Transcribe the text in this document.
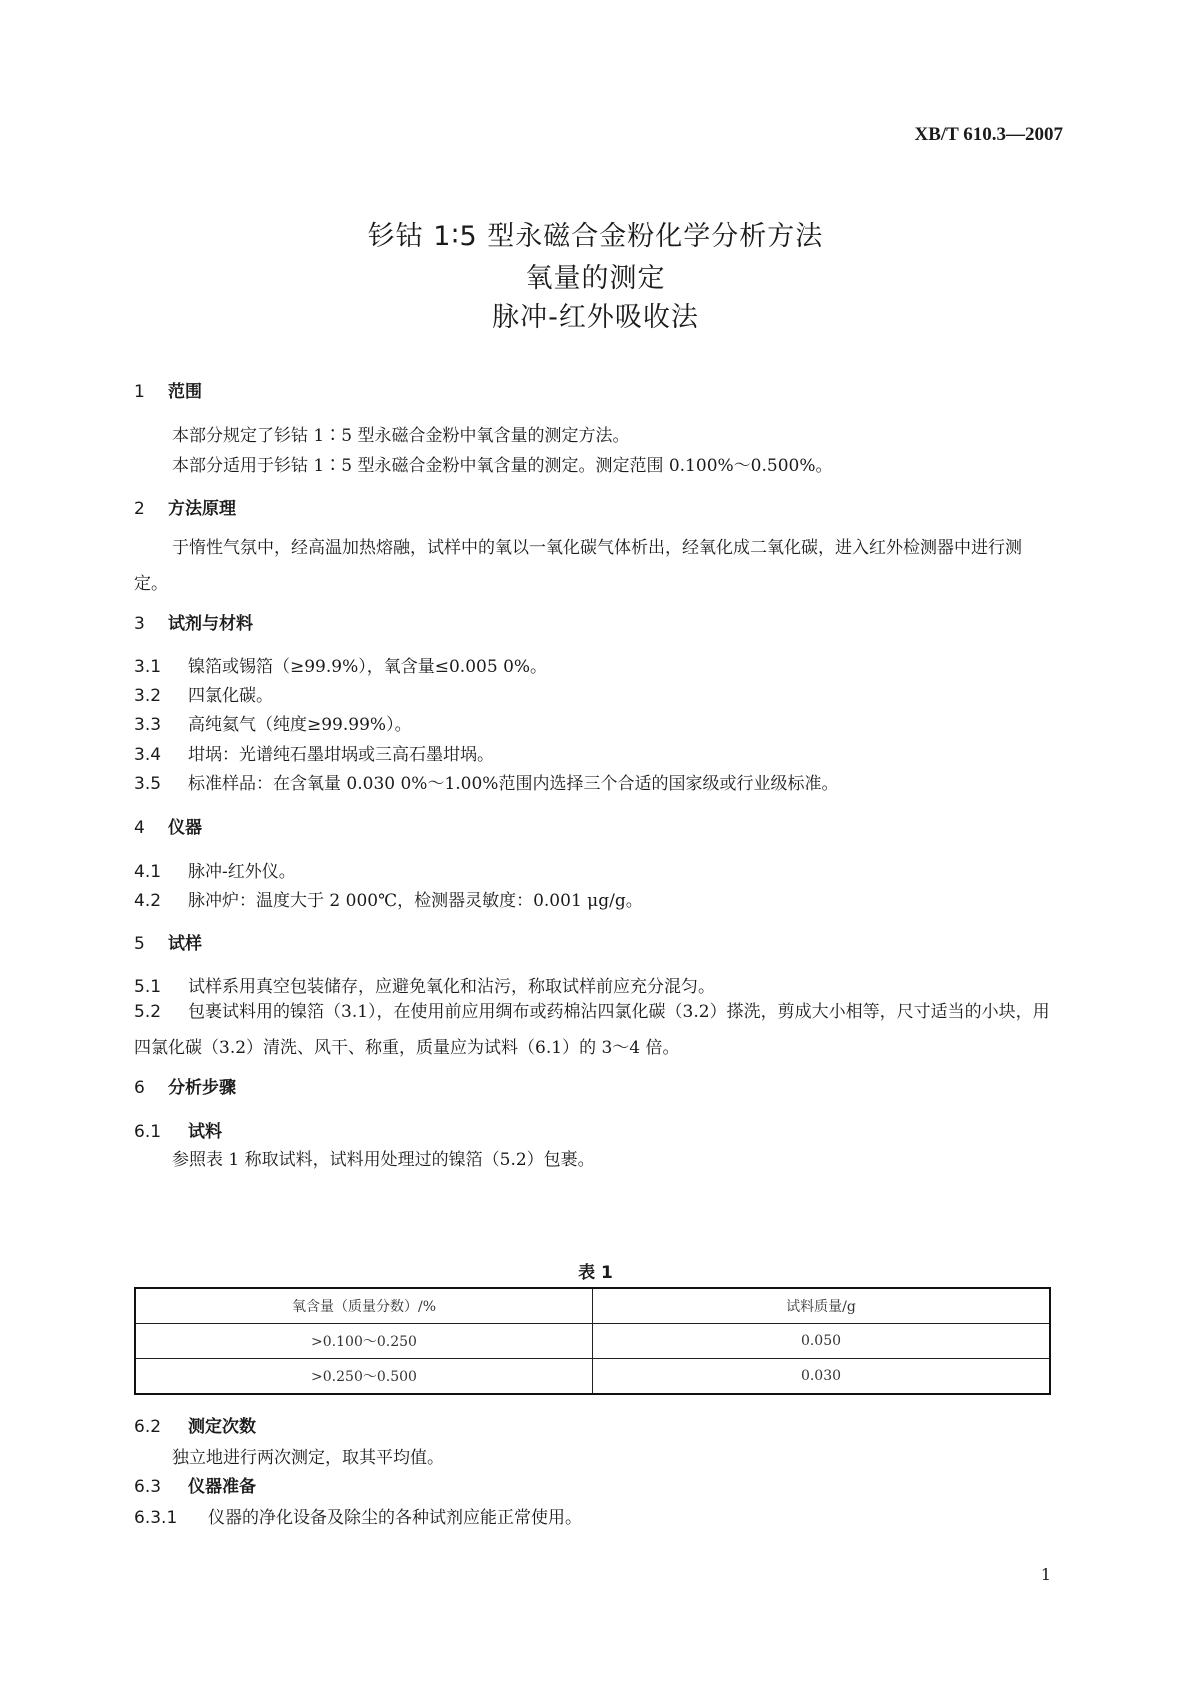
XB/T 610.3—2007
钐钴 1∶5 型永磁合金粉化学分析方法
氧量的测定
脉冲-红外吸收法
1 范围
本部分规定了钐钴 1∶5 型永磁合金粉中氧含量的测定方法。
本部分适用于钐钴 1∶5 型永磁合金粉中氧含量的测定。测定范围 0.100%～0.500%。
2 方法原理
于惰性气氛中，经高温加热熔融，试样中的氧以一氧化碳气体析出，经氧化成二氧化碳，进入红外检测器中进行测定。
3 试剂与材料
3.1 镍箔或锡箔（≥99.9%），氧含量≤0.005 0%。
3.2 四氯化碳。
3.3 高纯氦气（纯度≥99.99%）。
3.4 坩埚：光谱纯石墨坩埚或三高石墨坩埚。
3.5 标准样品：在含氧量 0.030 0%～1.00%范围内选择三个合适的国家级或行业级标准。
4 仪器
4.1 脉冲-红外仪。
4.2 脉冲炉：温度大于 2 000℃，检测器灵敏度：0.001 μg/g。
5 试样
5.1 试样系用真空包装储存，应避免氧化和沾污，称取试样前应充分混匀。
5.2 包裹试料用的镍箔（3.1），在使用前应用绸布或药棉沾四氯化碳（3.2）搽洗，剪成大小相等，尺寸适当的小块，用四氯化碳（3.2）清洗、风干、称重，质量应为试料（6.1）的 3～4 倍。
6 分析步骤
6.1 试料
参照表 1 称取试料，试料用处理过的镍箔（5.2）包裹。
表 1
氧含量（质量分数）/%	试料质量/g
>0.100～0.250	0.050
>0.250～0.500	0.030
6.2 测定次数
独立地进行两次测定，取其平均值。
6.3 仪器准备
6.3.1 仪器的净化设备及除尘的各种试剂应能正常使用。
1
